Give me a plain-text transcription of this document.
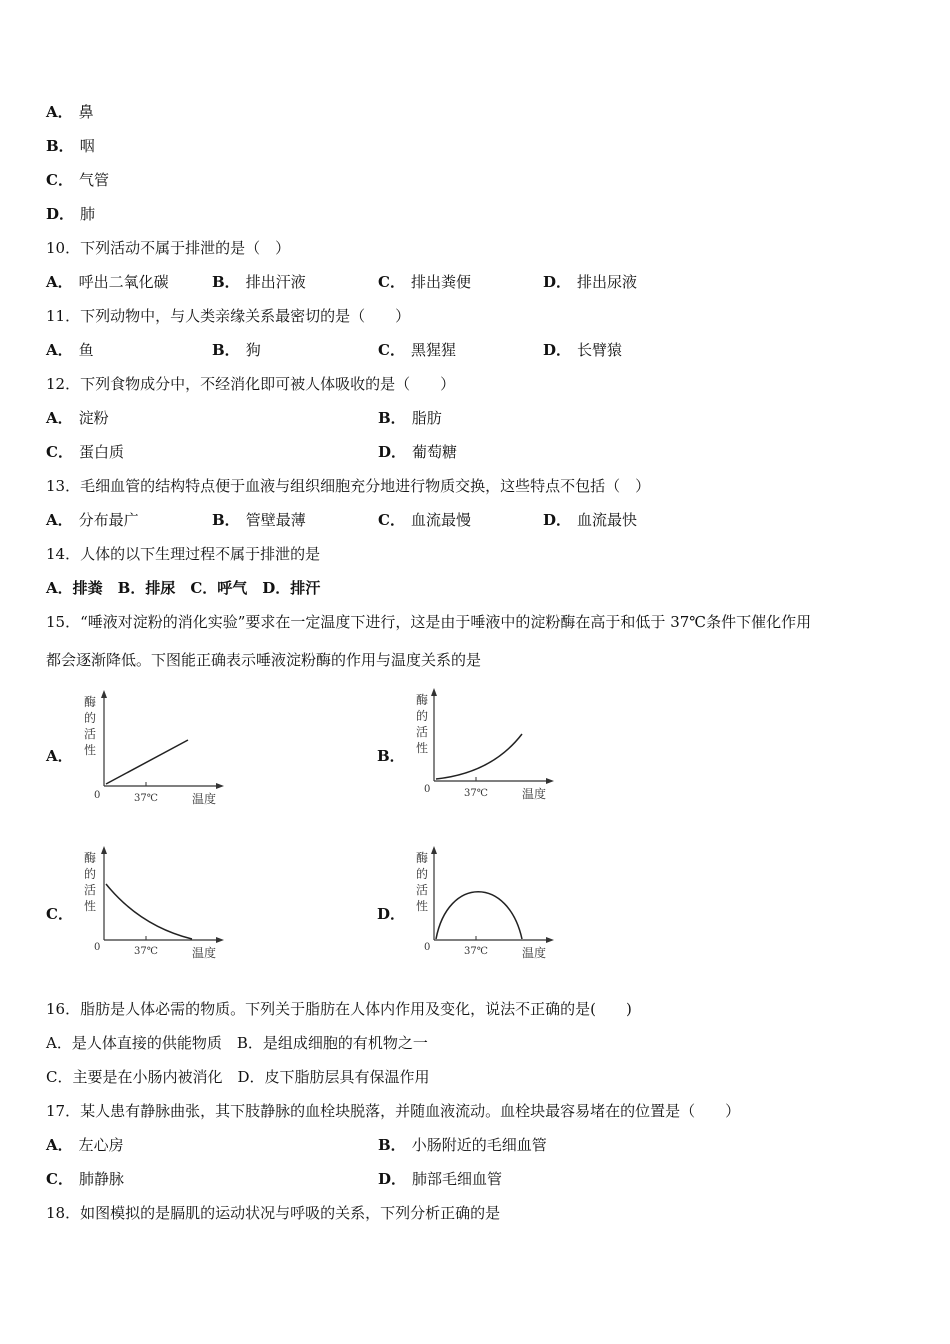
A． 鼻
B． 咽
C． 气管
D． 肺
10．下列活动不属于排泄的是（　）
A． 呼出二氧化碳	B． 排出汗液	C． 排出粪便	D． 排出尿液
11．下列动物中，与人类亲缘关系最密切的是（　　）
A． 鱼	B． 狗	C． 黑猩猩	D． 长臂猿
12．下列食物成分中，不经消化即可被人体吸收的是（　　）
A． 淀粉	B． 脂肪
C． 蛋白质	D． 葡萄糖
13．毛细血管的结构特点便于血液与组织细胞充分地进行物质交换，这些特点不包括（　）
A． 分布最广	B． 管壁最薄	C． 血流最慢	D． 血流最快
14．人体的以下生理过程不属于排泄的是
A．排粪　B．排尿　C．呼气　D．排汗
15．“唾液对淀粉的消化实验”要求在一定温度下进行，这是由于唾液中的淀粉酶在高于和低于 37℃条件下催化作用
都会逐渐降低。下图能正确表示唾液淀粉酶的作用与温度关系的是
A．
酶
的
活
性
0	37℃	温度
B．
酶
的
活
性
0	37℃	温度
C．
酶
的
活
性
0	37℃	温度
D．
酶
的
活
性
0	37℃	温度
16．脂肪是人体必需的物质。下列关于脂肪在人体内作用及变化，说法不正确的是(　　)
A．是人体直接的供能物质　B．是组成细胞的有机物之一
C．主要是在小肠内被消化　D．皮下脂肪层具有保温作用
17．某人患有静脉曲张，其下肢静脉的血栓块脱落，并随血液流动。血栓块最容易堵在的位置是（　　）
A． 左心房	B． 小肠附近的毛细血管
C． 肺静脉	D． 肺部毛细血管
18．如图模拟的是膈肌的运动状况与呼吸的关系，下列分析正确的是
